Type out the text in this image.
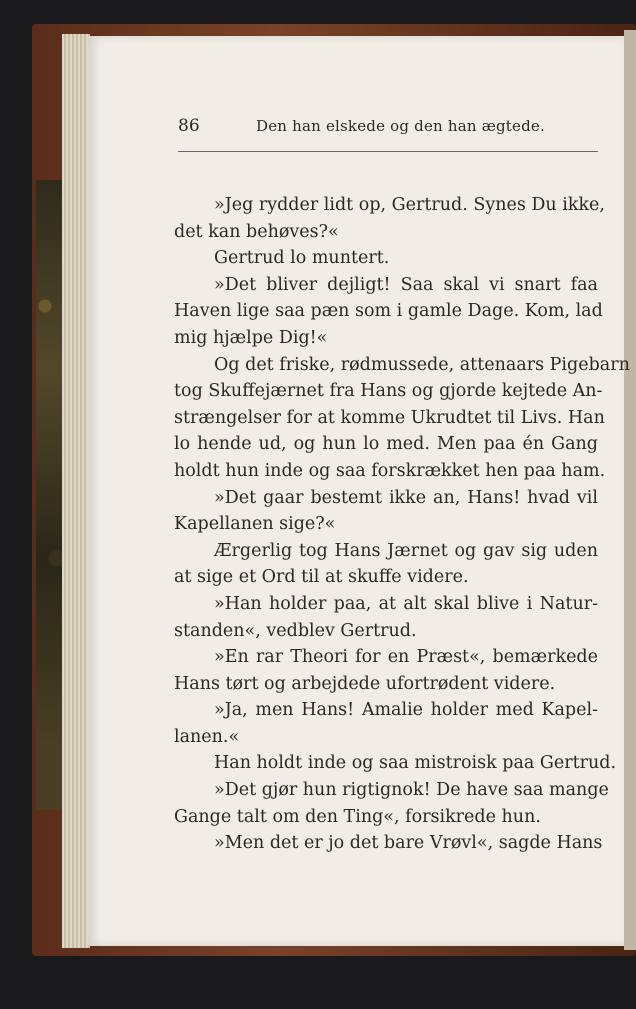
86	Den han elskede og den han ægtede.
»Jeg rydder lidt op, Gertrud. Synes Du ikke,
det kan behøves?«
Gertrud lo muntert.
»Det bliver dejligt! Saa skal vi snart faa
Haven lige saa pæn som i gamle Dage. Kom, lad
mig hjælpe Dig!«
Og det friske, rødmussede, attenaars Pigebarn
tog Skuffejærnet fra Hans og gjorde kejtede An-
strængelser for at komme Ukrudtet til Livs. Han
lo hende ud, og hun lo med. Men paa én Gang
holdt hun inde og saa forskrækket hen paa ham.
»Det gaar bestemt ikke an, Hans! hvad vil
Kapellanen sige?«
Ærgerlig tog Hans Jærnet og gav sig uden
at sige et Ord til at skuffe videre.
»Han holder paa, at alt skal blive i Natur-
standen«, vedblev Gertrud.
»En rar Theori for en Præst«, bemærkede
Hans tørt og arbejdede ufortrødent videre.
»Ja, men Hans! Amalie holder med Kapel-
lanen.«
Han holdt inde og saa mistroisk paa Gertrud.
»Det gjør hun rigtignok! De have saa mange
Gange talt om den Ting«, forsikrede hun.
»Men det er jo det bare Vrøvl«, sagde Hans
